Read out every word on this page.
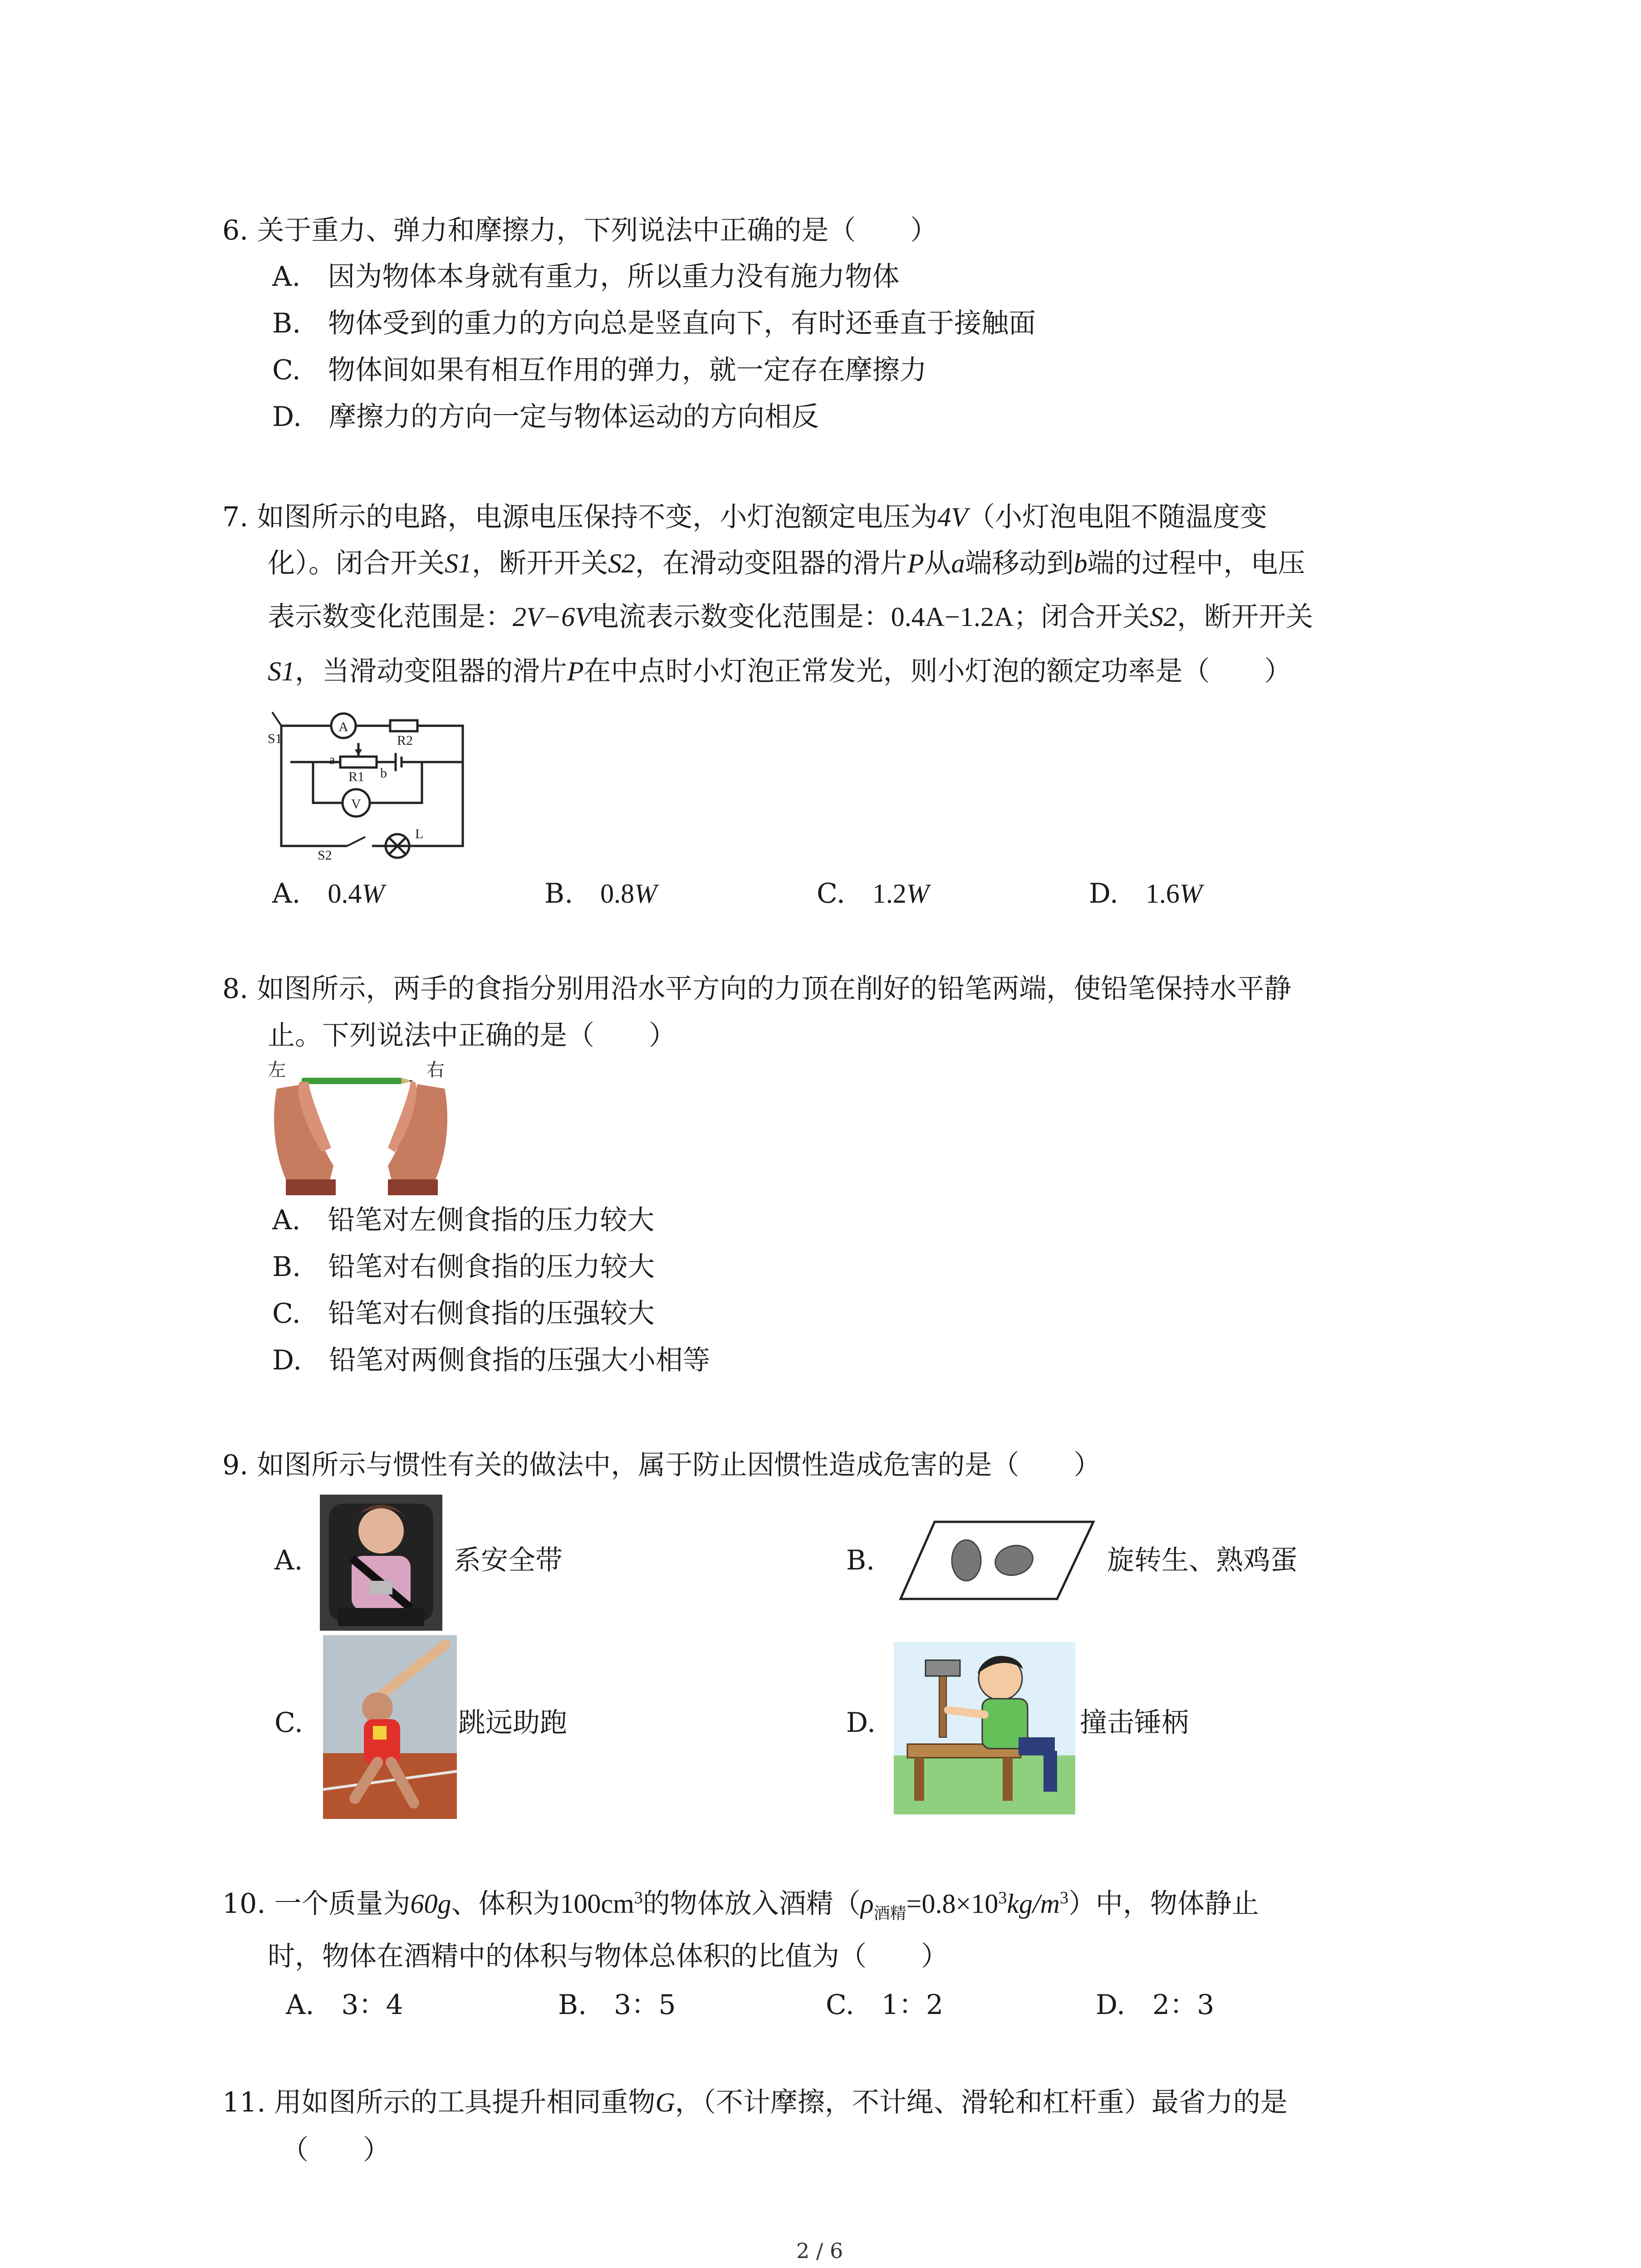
6. 关于重力、弹力和摩擦力，下列说法中正确的是（　　）
A.　 因为物体本身就有重力，所以重力没有施力物体
B.　 物体受到的重力的方向总是竖直向下，有时还垂直于接触面
C.　 物体间如果有相互作用的弹力，就一定存在摩擦力
D.　 摩擦力的方向一定与物体运动的方向相反
7. 如图所示的电路，电源电压保持不变，小灯泡额定电压为4V（小灯泡电阻不随温度变
化）。闭合开关S1，断开开关S2，在滑动变阻器的滑片P从a端移动到b端的过程中，电压
表示数变化范围是：2V−6V电流表示数变化范围是：0.4A−1.2A；闭合开关S2，断开开关
S1，当滑动变阻器的滑片P在中点时小灯泡正常发光，则小灯泡的额定功率是（　　）
S1
A
R2
a
R1 b
V
S2
L
A.　 0.4W	B.　 0.8W	C.　 1.2W	D.　 1.6W
8. 如图所示，两手的食指分别用沿水平方向的力顶在削好的铅笔两端，使铅笔保持水平静
止。下列说法中正确的是（　　）
左	右
A.　 铅笔对左侧食指的压力较大
B.　 铅笔对右侧食指的压力较大
C.　 铅笔对右侧食指的压强较大
D.　 铅笔对两侧食指的压强大小相等
9. 如图所示与惯性有关的做法中，属于防止因惯性造成危害的是（　　）
A.	系安全带	B.	旋转生、熟鸡蛋
C.	跳远助跑	D.	撞击锤柄
10. 一个质量为60g、体积为$100cm^3$的物体放入酒精$(\rho_{酒精}=0.8\times 10^3kg/m^3)$中，物体静止
时，物体在酒精中的体积与物体总体积的比值为（　　）
A.　 3：4	B.　 3：5	C.　 1：2	D.　 2：3
11. 用如图所示的工具提升相同重物G，（不计摩擦，不计绳、滑轮和杠杆重）最省力的是
（　　）
2 / 6
